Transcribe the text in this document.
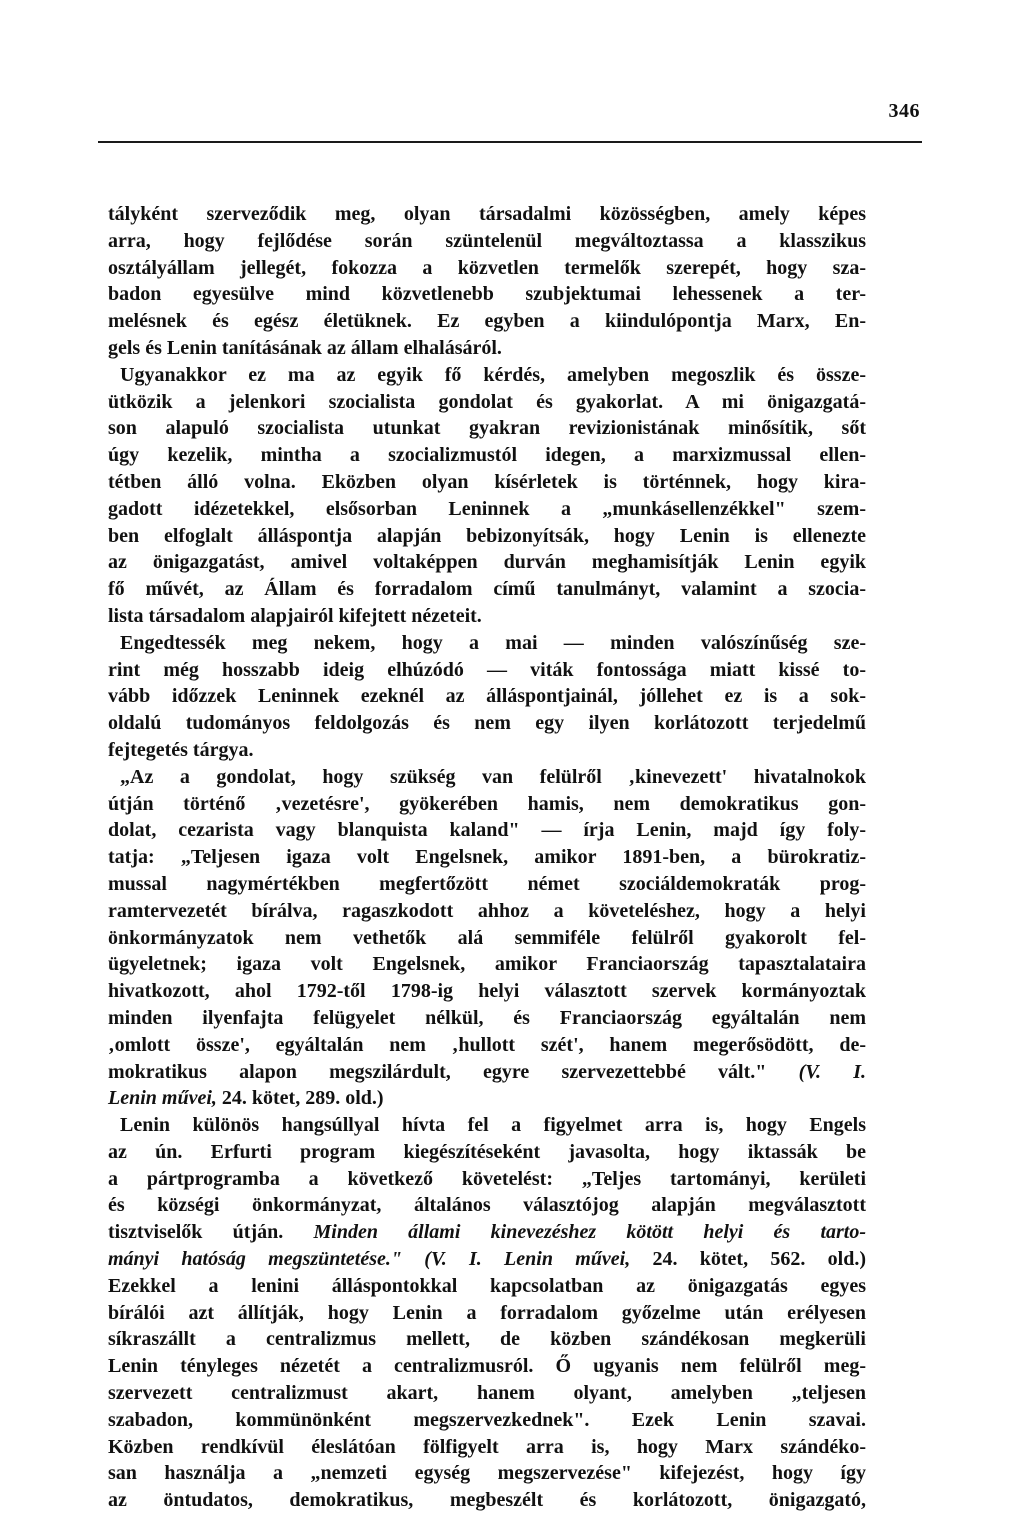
346
tályként szerveződik meg, olyan társadalmi közösségben, amely képes
arra, hogy fejlődése során szüntelenül megváltoztassa a klasszikus
osztályállam jellegét, fokozza a közvetlen termelők szerepét, hogy sza-
badon egyesülve mind közvetlenebb szubjektumai lehessenek a ter-
melésnek és egész életüknek. Ez egyben a kiindulópontja Marx, En-
gels és Lenin tanításának az állam elhalásáról.
Ugyanakkor ez ma az egyik fő kérdés, amelyben megoszlik és össze-
ütközik a jelenkori szocialista gondolat és gyakorlat. A mi önigazgatá-
son alapuló szocialista utunkat gyakran revizionistának minősítik, sőt
úgy kezelik, mintha a szocializmustól idegen, a marxizmussal ellen-
tétben álló volna. Eközben olyan kísérletek is történnek, hogy kira-
gadott idézetekkel, elsősorban Leninnek a „munkásellenzékkel" szem-
ben elfoglalt álláspontja alapján bebizonyítsák, hogy Lenin is ellenezte
az önigazgatást, amivel voltaképpen durván meghamisítják Lenin egyik
fő művét, az Állam és forradalom című tanulmányt, valamint a szocia-
lista társadalom alapjairól kifejtett nézeteit.
Engedtessék meg nekem, hogy a mai — minden valószínűség sze-
rint még hosszabb ideig elhúzódó — viták fontossága miatt kissé to-
vább időzzek Leninnek ezeknél az álláspontjainál, jóllehet ez is a sok-
oldalú tudományos feldolgozás és nem egy ilyen korlátozott terjedelmű
fejtegetés tárgya.
„Az a gondolat, hogy szükség van felülről ‚kinevezett' hivatalnokok
útján történő ‚vezetésre', gyökerében hamis, nem demokratikus gon-
dolat, cezarista vagy blanquista kaland" — írja Lenin, majd így foly-
tatja: „Teljesen igaza volt Engelsnek, amikor 1891-ben, a bürokratiz-
mussal nagymértékben megfertőzött német szociáldemokraták prog-
ramtervezetét bírálva, ragaszkodott ahhoz a követeléshez, hogy a helyi
önkormányzatok nem vethetők alá semmiféle felülről gyakorolt fel-
ügyeletnek; igaza volt Engelsnek, amikor Franciaország tapasztalataira
hivatkozott, ahol 1792-től 1798-ig helyi választott szervek kormányoztak
minden ilyenfajta felügyelet nélkül, és Franciaország egyáltalán nem
‚omlott össze', egyáltalán nem ‚hullott szét', hanem megerősödött, de-
mokratikus alapon megszilárdult, egyre szervezettebbé vált." (V. I.
Lenin művei, 24. kötet, 289. old.)
Lenin különös hangsúllyal hívta fel a figyelmet arra is, hogy Engels
az ún. Erfurti program kiegészítéseként javasolta, hogy iktassák be
a pártprogramba a következő követelést: „Teljes tartományi, kerületi
és községi önkormányzat, általános választójog alapján megválasztott
tisztviselők útján. Minden állami kinevezéshez kötött helyi és tarto-
mányi hatóság megszüntetése." (V. I. Lenin művei, 24. kötet, 562. old.)
Ezekkel a lenini álláspontokkal kapcsolatban az önigazgatás egyes
bírálói azt állítják, hogy Lenin a forradalom győzelme után erélyesen
síkraszállt a centralizmus mellett, de közben szándékosan megkerüli
Lenin tényleges nézetét a centralizmusról. Ő ugyanis nem felülről meg-
szervezett centralizmust akart, hanem olyant, amelyben „teljesen
szabadon, kommünönként megszervezkednek". Ezek Lenin szavai.
Közben rendkívül éleslátóan fölfigyelt arra is, hogy Marx szándéko-
san használja a „nemzeti egység megszervezése" kifejezést, hogy így
az öntudatos, demokratikus, megbeszélt és korlátozott, önigazgató,
